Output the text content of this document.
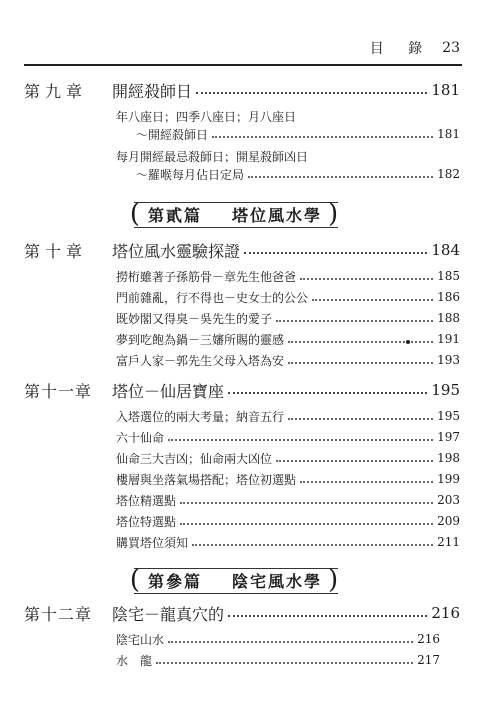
目 錄 23
第九章	開經殺師日	181
年八座日；四季八座日；月八座日
～開經殺師日	181
每月開經最忌殺師日；開星殺師凶日
～羅喉每月佔日定局	182
( 第貳篇	塔位風水學 )
第十章	塔位風水靈驗探證	184
撈桁雖著子孫筋骨－章先生他爸爸	185
門前雜亂，行不得也－史女士的公公	186
既妙閣又得臭－吳先生的愛子	188
夢到吃飽為鍋－三嬸所賜的靈感	191
富戶人家－郭先生父母入塔為安	193
第十一章	塔位－仙居寶座	195
入塔選位的兩大考量；納音五行	195
六十仙命	197
仙命三大吉凶；仙命兩大凶位	198
樓層與坐落氣場搭配；塔位初選點	199
塔位精選點	203
塔位特選點	209
購買塔位須知	211
( 第參篇	陰宅風水學 )
第十二章	陰宅－龍真穴的	216
陰宅山水	216
水　龍	217
